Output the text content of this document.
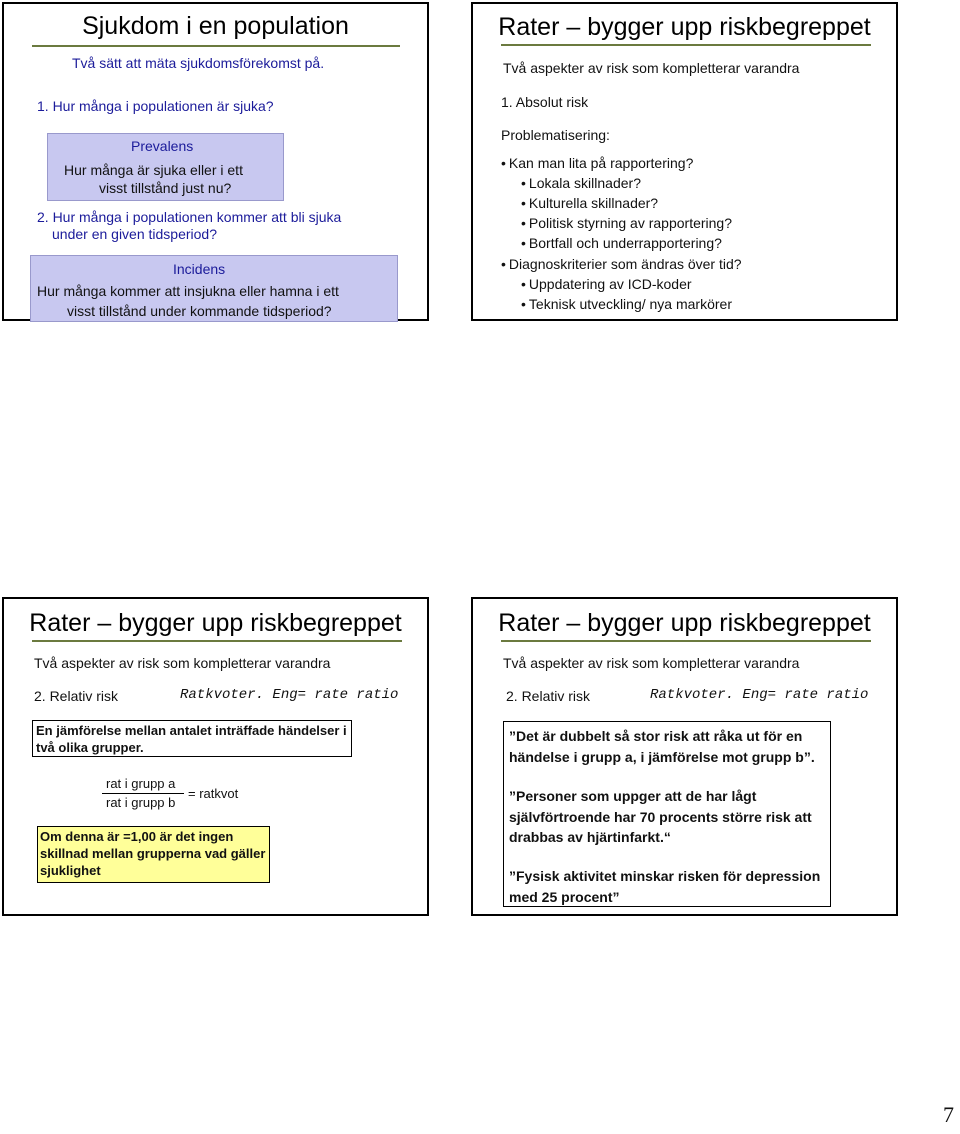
Sjukdom i en population
Två sätt att mäta sjukdomsförekomst på.
1. Hur många i populationen är sjuka?
Prevalens
Hur många är sjuka eller i ett
visst tillstånd just nu?
2. Hur många i populationen kommer att bli sjuka
under en given tidsperiod?
Incidens
Hur många kommer att insjukna eller hamna i ett
visst tillstånd under kommande tidsperiod?
Rater – bygger upp riskbegreppet
Två aspekter av risk som kompletterar varandra
1. Absolut risk
Problematisering:
• Kan man lita på rapportering?
• Lokala skillnader?
• Kulturella skillnader?
• Politisk styrning av rapportering?
• Bortfall och underrapportering?
• Diagnoskriterier som ändras över tid?
• Uppdatering av ICD-koder
• Teknisk utveckling/ nya markörer
Rater – bygger upp riskbegreppet
Två aspekter av risk som kompletterar varandra
2. Relativ risk	Ratkvoter. Eng= rate ratio
En jämförelse mellan antalet inträffade händelser i
två olika grupper.
rat i grupp a
rat i grupp b
= ratkvot
Om denna är =1,00 är det ingen
skillnad mellan grupperna vad gäller
sjuklighet
Rater – bygger upp riskbegreppet
Två aspekter av risk som kompletterar varandra
2. Relativ risk	Ratkvoter. Eng= rate ratio
”Det är dubbelt så stor risk att råka ut för en
händelse i grupp a, i jämförelse mot grupp b”.
”Personer som uppger att de har lågt
självförtroende har 70 procents större risk att
drabbas av hjärtinfarkt.“
”Fysisk aktivitet minskar risken för depression
med 25 procent”
7
